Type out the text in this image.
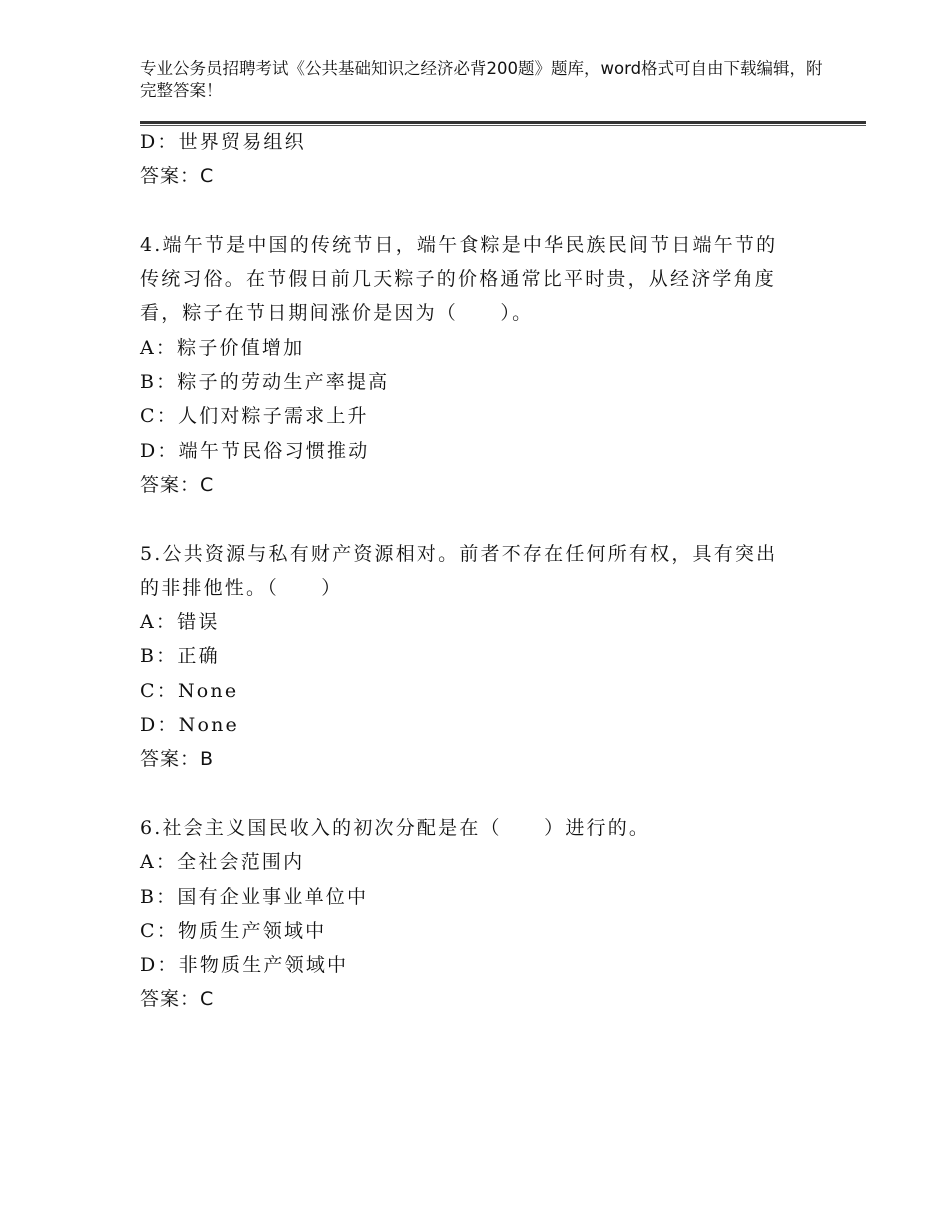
专业公务员招聘考试《公共基础知识之经济必背200题》题库，word格式可自由下载编辑，附完整答案！
D：世界贸易组织
答案：C
4.端午节是中国的传统节日，端午食粽是中华民族民间节日端午节的传统习俗。在节假日前几天粽子的价格通常比平时贵，从经济学角度看，粽子在节日期间涨价是因为（　　）。
A：粽子价值增加
B：粽子的劳动生产率提高
C：人们对粽子需求上升
D：端午节民俗习惯推动
答案：C
5.公共资源与私有财产资源相对。前者不存在任何所有权，具有突出的非排他性。（　　）
A：错误
B：正确
C：None
D：None
答案：B
6.社会主义国民收入的初次分配是在（　　）进行的。
A：全社会范围内
B：国有企业事业单位中
C：物质生产领域中
D：非物质生产领域中
答案：C
